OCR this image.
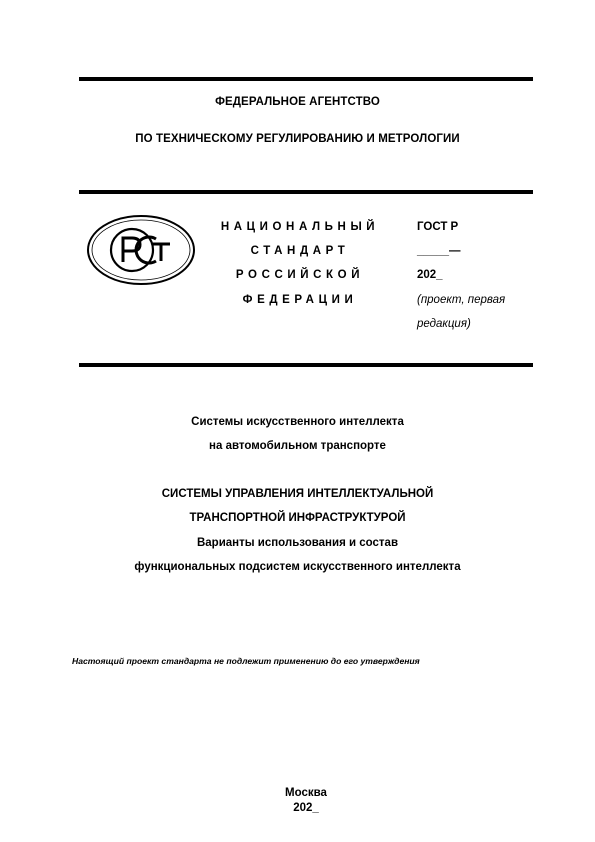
ФЕДЕРАЛЬНОЕ АГЕНТСТВО
ПО ТЕХНИЧЕСКОМУ РЕГУЛИРОВАНИЮ И МЕТРОЛОГИИ
НАЦИОНАЛЬНЫЙ
СТАНДАРТ
РОССИЙСКОЙ
ФЕДЕРАЦИИ
ГОСТ Р
_____—
202_
(проект, первая
редакция)
Системы искусственного интеллекта
на автомобильном транспорте
СИСТЕМЫ УПРАВЛЕНИЯ ИНТЕЛЛЕКТУАЛЬНОЙ
ТРАНСПОРТНОЙ ИНФРАСТРУКТУРОЙ
Варианты использования и состав
функциональных подсистем искусственного интеллекта
Настоящий проект стандарта не подлежит применению до его утверждения
Москва
202_
